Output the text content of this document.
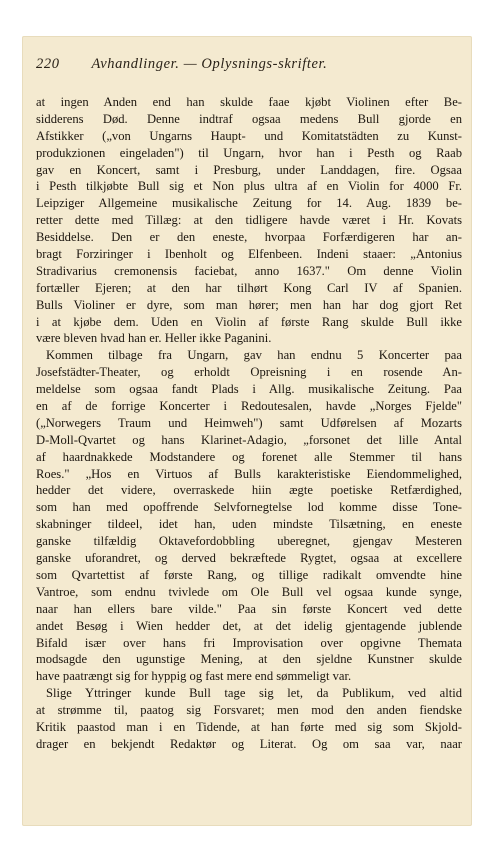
220 Avhandlinger. — Oplysnings-skrifter.
at ingen Anden end han skulde faae kjøbt Violinen efter Be-
sidderens Død. Denne indtraf ogsaa medens Bull gjorde en
Afstikker („von Ungarns Haupt- und Komitatstädten zu Kunst-
produkzionen eingeladen") til Ungarn, hvor han i Pesth og Raab
gav en Koncert, samt i Presburg, under Landdagen, fire. Ogsaa
i Pesth tilkjøbte Bull sig et Non plus ultra af en Violin for 4000 Fr.
Leipziger Allgemeine musikalische Zeitung for 14. Aug. 1839 be-
retter dette med Tillæg: at den tidligere havde været i Hr. Kovats
Besiddelse. Den er den eneste, hvorpaa Forfærdigeren har an-
bragt Forziringer i Ibenholt og Elfenbeen. Indeni staaer: „Antonius
Stradivarius cremonensis faciebat, anno 1637." Om denne Violin
fortæller Ejeren; at den har tilhørt Kong Carl IV af Spanien.
Bulls Violiner er dyre, som man hører; men han har dog gjort Ret
i at kjøbe dem. Uden en Violin af første Rang skulde Bull ikke
være bleven hvad han er. Heller ikke Paganini.
Kommen tilbage fra Ungarn, gav han endnu 5 Koncerter paa
Josefstädter-Theater, og erholdt Opreisning i en rosende An-
meldelse som ogsaa fandt Plads i Allg. musikalische Zeitung. Paa
en af de forrige Koncerter i Redoutesalen, havde „Norges Fjelde"
(„Norwegers Traum und Heimweh") samt Udførelsen af Mozarts
D-Moll-Qvartet og hans Klarinet-Adagio, „forsonet det lille Antal
af haardnakkede Modstandere og forenet alle Stemmer til hans
Roes." „Hos en Virtuos af Bulls karakteristiske Eiendommelighed,
hedder det videre, overraskede hiin ægte poetiske Retfærdighed,
som han med opoffrende Selvfornegtelse lod komme disse Tone-
skabninger tildeel, idet han, uden mindste Tilsætning, en eneste
ganske tilfældig Oktavefordobbling uberegnet, gjengav Mesteren
ganske uforandret, og derved bekræftede Rygtet, ogsaa at excellere
som Qvartettist af første Rang, og tillige radikalt omvendte hine
Vantroe, som endnu tvivlede om Ole Bull vel ogsaa kunde synge,
naar han ellers bare vilde." Paa sin første Koncert ved dette
andet Besøg i Wien hedder det, at det idelig gjentagende jublende
Bifald især over hans fri Improvisation over opgivne Themata
modsagde den ugunstige Mening, at den sjeldne Kunstner skulde
have paatrængt sig for hyppig og fast mere end sømmeligt var.
Slige Yttringer kunde Bull tage sig let, da Publikum, ved altid
at strømme til, paatog sig Forsvaret; men mod den anden fiendske
Kritik paastod man i en Tidende, at han førte med sig som Skjold-
drager en bekjendt Redaktør og Literat. Og om saa var, naar
